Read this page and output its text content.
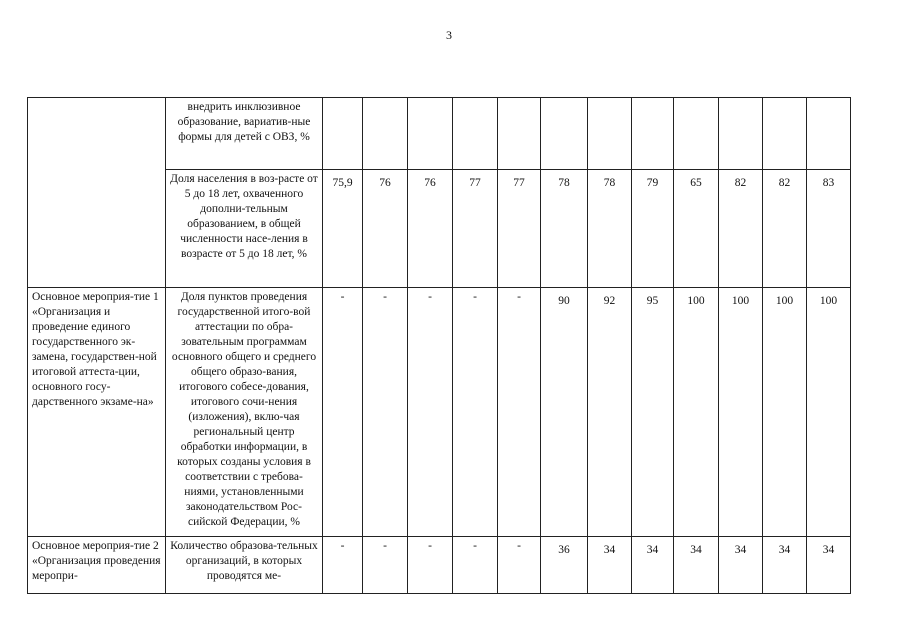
3
	внедрить инклюзивное образование, вариатив-ные формы для детей с ОВЗ, %												
	Доля населения в воз-расте от 5 до 18 лет, охваченного дополни-тельным образованием, в общей численности насе-ления в возрасте от 5 до 18 лет, %	75,9	76	76	77	77	78	78	79	65	82	82	83
Основное мероприя-тие 1 «Организация и проведение единого государственного эк-замена, государствен-ной итоговой аттеста-ции, основного госу-дарственного экзаме-на»	Доля пунктов проведения государственной итого-вой аттестации по обра-зовательным программам основного общего и среднего общего образо-вания, итогового собесе-дования, итогового сочи-нения (изложения), вклю-чая региональный центр обработки информации, в которых созданы условия в соответствии с требова-ниями, установленными законодательством Рос-сийской Федерации, %	-	-	-	-	-	90	92	95	100	100	100	100
Основное мероприя-тие 2 «Организация проведения меропри-	Количество образова-тельных организаций, в которых проводятся ме-	-	-	-	-	-	36	34	34	34	34	34	34
